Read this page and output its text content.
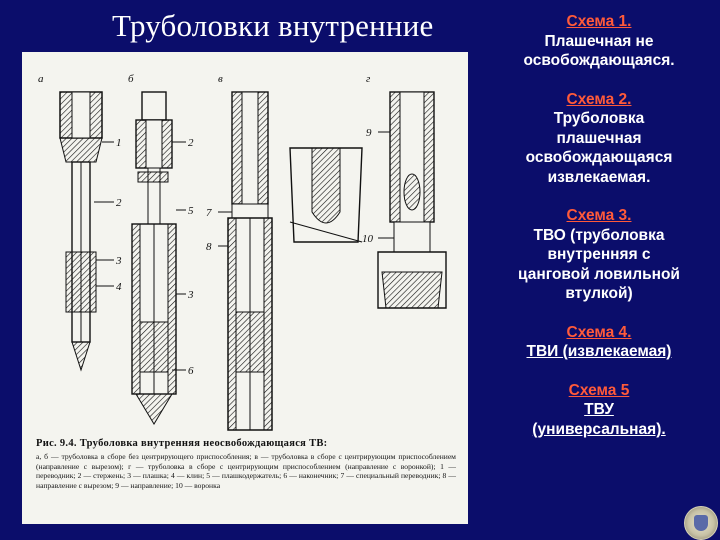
Труболовки внутренние
а	б	в	г
1
2
3
4
2
5
3
6
7
8
9
10
Рис. 9.4. Труболовка внутренняя неосвобождающаяся ТВ:
а, б — труболовка в сборе без центрирующего приспособления; в — труболовка в сборе с центрирующим приспособлением (направление с вырезом); г — труболовка в сборе с центрирующим приспособлением (направление с воронкой); 1 — переводник; 2 — стержень; 3 — плашка; 4 — клин; 5 — плашкодержатель; 6 — наконечник; 7 — специальный переводник; 8 — направление с вырезом; 9 — направление; 10 — воронка
Схема 1.
Плашечная не
освобождающаяся.
Схема 2.
Труболовка
плашечная
освобождающаяся
извлекаемая.
Схема 3.
ТВО (труболовка
внутренняя с
цанговой ловильной
втулкой)
Схема 4.
ТВИ (извлекаемая)
Схема 5
ТВУ
(универсальная).
